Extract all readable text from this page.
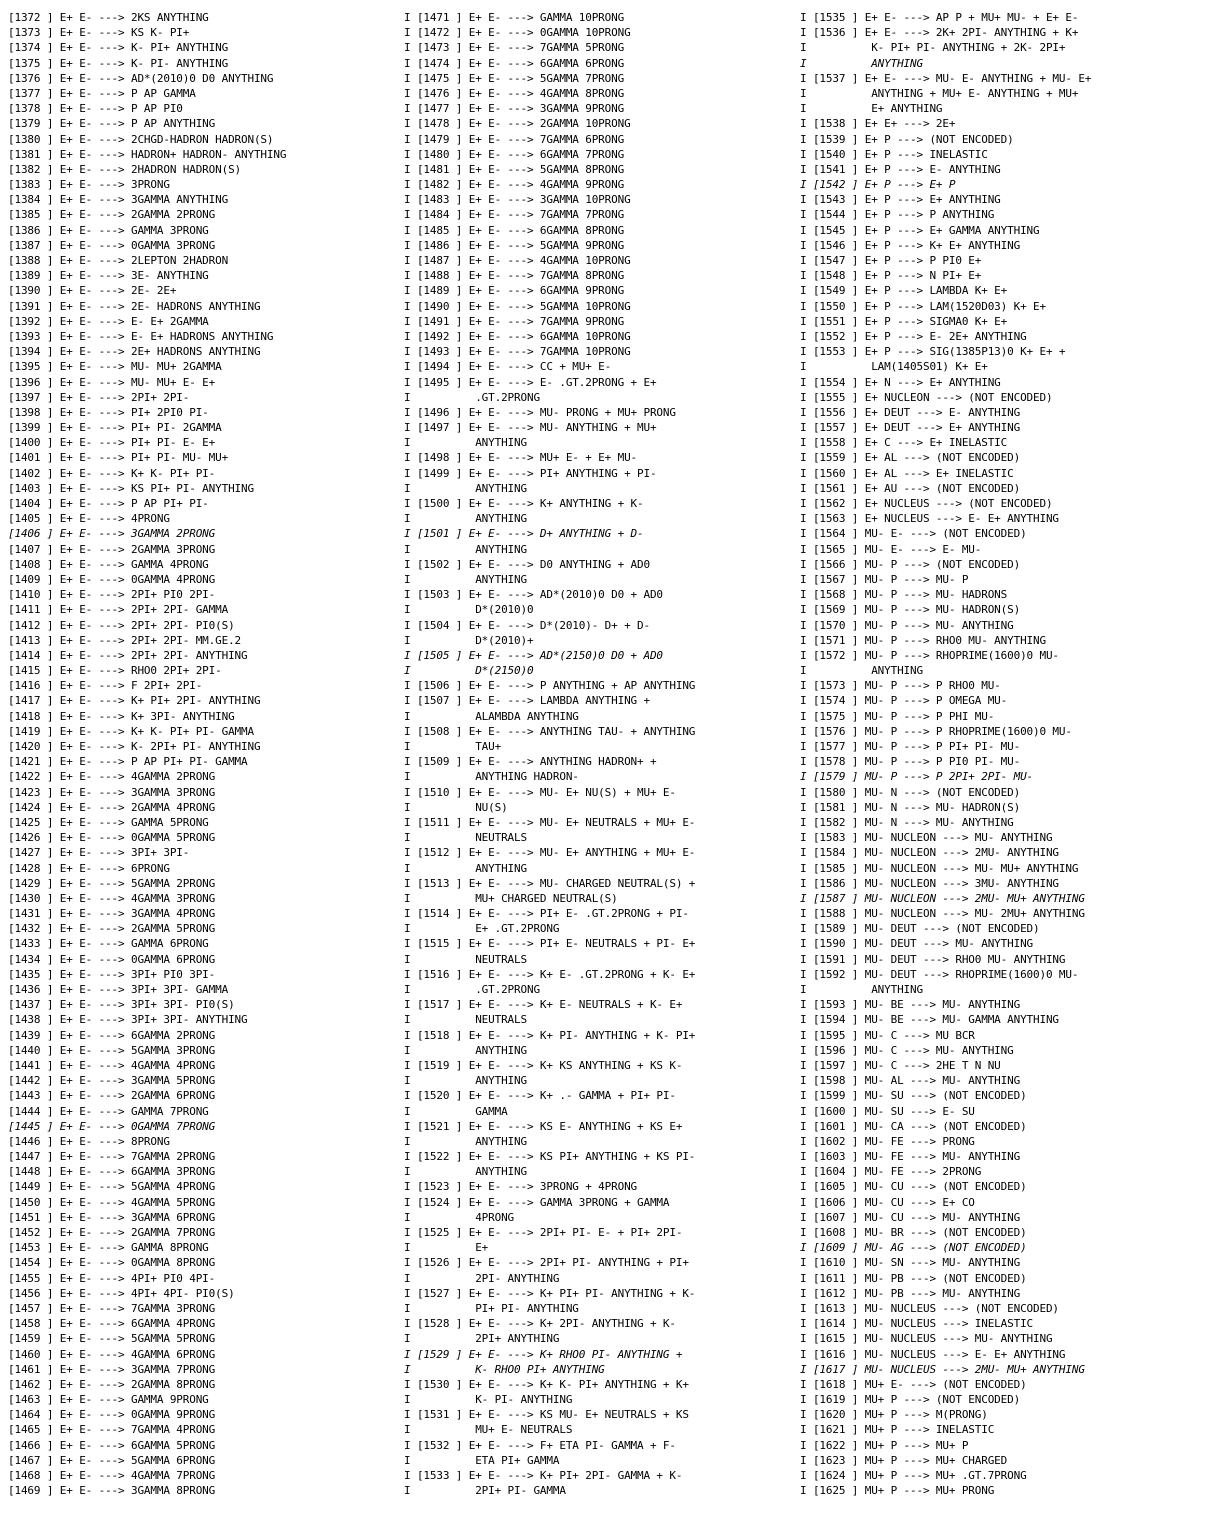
[1372 ] E+ E- ---> 2KS ANYTHING
[1373 ] E+ E- ---> KS K- PI+
[1374 ] E+ E- ---> K- PI+ ANYTHING
[1375 ] E+ E- ---> K- PI- ANYTHING
[1376 ] E+ E- ---> AD*(2010)0 D0 ANYTHING
[1377 ] E+ E- ---> P AP GAMMA
[1378 ] E+ E- ---> P AP PI0
[1379 ] E+ E- ---> P AP ANYTHING
[1380 ] E+ E- ---> 2CHGD-HADRON HADRON(S)
[1381 ] E+ E- ---> HADRON+ HADRON- ANYTHING
[1382 ] E+ E- ---> 2HADRON HADRON(S)
[1383 ] E+ E- ---> 3PRONG
[1384 ] E+ E- ---> 3GAMMA ANYTHING
[1385 ] E+ E- ---> 2GAMMA 2PRONG
[1386 ] E+ E- ---> GAMMA 3PRONG
[1387 ] E+ E- ---> 0GAMMA 3PRONG
[1388 ] E+ E- ---> 2LEPTON 2HADRON
[1389 ] E+ E- ---> 3E- ANYTHING
[1390 ] E+ E- ---> 2E- 2E+
[1391 ] E+ E- ---> 2E- HADRONS ANYTHING
[1392 ] E+ E- ---> E- E+ 2GAMMA
[1393 ] E+ E- ---> E- E+ HADRONS ANYTHING
[1394 ] E+ E- ---> 2E+ HADRONS ANYTHING
[1395 ] E+ E- ---> MU- MU+ 2GAMMA
[1396 ] E+ E- ---> MU- MU+ E- E+
[1397 ] E+ E- ---> 2PI+ 2PI-
[1398 ] E+ E- ---> PI+ 2PI0 PI-
[1399 ] E+ E- ---> PI+ PI- 2GAMMA
[1400 ] E+ E- ---> PI+ PI- E- E+
[1401 ] E+ E- ---> PI+ PI- MU- MU+
[1402 ] E+ E- ---> K+ K- PI+ PI-
[1403 ] E+ E- ---> KS PI+ PI- ANYTHING
[1404 ] E+ E- ---> P AP PI+ PI-
[1405 ] E+ E- ---> 4PRONG
[1406 ] E+ E- ---> 3GAMMA 2PRONG
[1407 ] E+ E- ---> 2GAMMA 3PRONG
[1408 ] E+ E- ---> GAMMA 4PRONG
[1409 ] E+ E- ---> 0GAMMA 4PRONG
[1410 ] E+ E- ---> 2PI+ PI0 2PI-
[1411 ] E+ E- ---> 2PI+ 2PI- GAMMA
[1412 ] E+ E- ---> 2PI+ 2PI- PI0(S)
[1413 ] E+ E- ---> 2PI+ 2PI- MM.GE.2
[1414 ] E+ E- ---> 2PI+ 2PI- ANYTHING
[1415 ] E+ E- ---> RHO0 2PI+ 2PI-
[1416 ] E+ E- ---> F 2PI+ 2PI-
[1417 ] E+ E- ---> K+ PI+ 2PI- ANYTHING
[1418 ] E+ E- ---> K+ 3PI- ANYTHING
[1419 ] E+ E- ---> K+ K- PI+ PI- GAMMA
[1420 ] E+ E- ---> K- 2PI+ PI- ANYTHING
[1421 ] E+ E- ---> P AP PI+ PI- GAMMA
[1422 ] E+ E- ---> 4GAMMA 2PRONG
[1423 ] E+ E- ---> 3GAMMA 3PRONG
[1424 ] E+ E- ---> 2GAMMA 4PRONG
[1425 ] E+ E- ---> GAMMA 5PRONG
[1426 ] E+ E- ---> 0GAMMA 5PRONG
[1427 ] E+ E- ---> 3PI+ 3PI-
[1428 ] E+ E- ---> 6PRONG
[1429 ] E+ E- ---> 5GAMMA 2PRONG
[1430 ] E+ E- ---> 4GAMMA 3PRONG
[1431 ] E+ E- ---> 3GAMMA 4PRONG
[1432 ] E+ E- ---> 2GAMMA 5PRONG
[1433 ] E+ E- ---> GAMMA 6PRONG
[1434 ] E+ E- ---> 0GAMMA 6PRONG
[1435 ] E+ E- ---> 3PI+ PI0 3PI-
[1436 ] E+ E- ---> 3PI+ 3PI- GAMMA
[1437 ] E+ E- ---> 3PI+ 3PI- PI0(S)
[1438 ] E+ E- ---> 3PI+ 3PI- ANYTHING
[1439 ] E+ E- ---> 6GAMMA 2PRONG
[1440 ] E+ E- ---> 5GAMMA 3PRONG
[1441 ] E+ E- ---> 4GAMMA 4PRONG
[1442 ] E+ E- ---> 3GAMMA 5PRONG
[1443 ] E+ E- ---> 2GAMMA 6PRONG
[1444 ] E+ E- ---> GAMMA 7PRONG
[1445 ] E+ E- ---> 0GAMMA 7PRONG
[1446 ] E+ E- ---> 8PRONG
[1447 ] E+ E- ---> 7GAMMA 2PRONG
[1448 ] E+ E- ---> 6GAMMA 3PRONG
[1449 ] E+ E- ---> 5GAMMA 4PRONG
[1450 ] E+ E- ---> 4GAMMA 5PRONG
[1451 ] E+ E- ---> 3GAMMA 6PRONG
[1452 ] E+ E- ---> 2GAMMA 7PRONG
[1453 ] E+ E- ---> GAMMA 8PRONG
[1454 ] E+ E- ---> 0GAMMA 8PRONG
[1455 ] E+ E- ---> 4PI+ PI0 4PI-
[1456 ] E+ E- ---> 4PI+ 4PI- PI0(S)
[1457 ] E+ E- ---> 7GAMMA 3PRONG
[1458 ] E+ E- ---> 6GAMMA 4PRONG
[1459 ] E+ E- ---> 5GAMMA 5PRONG
[1460 ] E+ E- ---> 4GAMMA 6PRONG
[1461 ] E+ E- ---> 3GAMMA 7PRONG
[1462 ] E+ E- ---> 2GAMMA 8PRONG
[1463 ] E+ E- ---> GAMMA 9PRONG
[1464 ] E+ E- ---> 0GAMMA 9PRONG
[1465 ] E+ E- ---> 7GAMMA 4PRONG
[1466 ] E+ E- ---> 6GAMMA 5PRONG
[1467 ] E+ E- ---> 5GAMMA 6PRONG
[1468 ] E+ E- ---> 4GAMMA 7PRONG
[1469 ] E+ E- ---> 3GAMMA 8PRONG
I [1471 ] E+ E- ---> GAMMA 10PRONG
I [1472 ] E+ E- ---> 0GAMMA 10PRONG
I [1473 ] E+ E- ---> 7GAMMA 5PRONG
I [1474 ] E+ E- ---> 6GAMMA 6PRONG
I [1475 ] E+ E- ---> 5GAMMA 7PRONG
I [1476 ] E+ E- ---> 4GAMMA 8PRONG
I [1477 ] E+ E- ---> 3GAMMA 9PRONG
I [1478 ] E+ E- ---> 2GAMMA 10PRONG
I [1479 ] E+ E- ---> 7GAMMA 6PRONG
I [1480 ] E+ E- ---> 6GAMMA 7PRONG
I [1481 ] E+ E- ---> 5GAMMA 8PRONG
I [1482 ] E+ E- ---> 4GAMMA 9PRONG
I [1483 ] E+ E- ---> 3GAMMA 10PRONG
I [1484 ] E+ E- ---> 7GAMMA 7PRONG
I [1485 ] E+ E- ---> 6GAMMA 8PRONG
I [1486 ] E+ E- ---> 5GAMMA 9PRONG
I [1487 ] E+ E- ---> 4GAMMA 10PRONG
I [1488 ] E+ E- ---> 7GAMMA 8PRONG
I [1489 ] E+ E- ---> 6GAMMA 9PRONG
I [1490 ] E+ E- ---> 5GAMMA 10PRONG
I [1491 ] E+ E- ---> 7GAMMA 9PRONG
I [1492 ] E+ E- ---> 6GAMMA 10PRONG
I [1493 ] E+ E- ---> 7GAMMA 10PRONG
I [1494 ] E+ E- ---> CC + MU+ E-
I [1495 ] E+ E- ---> E- .GT.2PRONG + E+
I          .GT.2PRONG
I [1496 ] E+ E- ---> MU- PRONG + MU+ PRONG
I [1497 ] E+ E- ---> MU- ANYTHING + MU+
I          ANYTHING
I [1498 ] E+ E- ---> MU+ E- + E+ MU-
I [1499 ] E+ E- ---> PI+ ANYTHING + PI-
I          ANYTHING
I [1500 ] E+ E- ---> K+ ANYTHING + K-
I          ANYTHING
I [1501 ] E+ E- ---> D+ ANYTHING + D-
I          ANYTHING
I [1502 ] E+ E- ---> D0 ANYTHING + AD0
I          ANYTHING
I [1503 ] E+ E- ---> AD*(2010)0 D0 + AD0
I          D*(2010)0
I [1504 ] E+ E- ---> D*(2010)- D+ + D-
I          D*(2010)+
I [1505 ] E+ E- ---> AD*(2150)0 D0 + AD0
I          D*(2150)0
I [1506 ] E+ E- ---> P ANYTHING + AP ANYTHING
I [1507 ] E+ E- ---> LAMBDA ANYTHING +
I          ALAMBDA ANYTHING
I [1508 ] E+ E- ---> ANYTHING TAU- + ANYTHING
I          TAU+
I [1509 ] E+ E- ---> ANYTHING HADRON+ +
I          ANYTHING HADRON-
I [1510 ] E+ E- ---> MU- E+ NU(S) + MU+ E-
I          NU(S)
I [1511 ] E+ E- ---> MU- E+ NEUTRALS + MU+ E-
I          NEUTRALS
I [1512 ] E+ E- ---> MU- E+ ANYTHING + MU+ E-
I          ANYTHING
I [1513 ] E+ E- ---> MU- CHARGED NEUTRAL(S) +
I          MU+ CHARGED NEUTRAL(S)
I [1514 ] E+ E- ---> PI+ E- .GT.2PRONG + PI-
I          E+ .GT.2PRONG
I [1515 ] E+ E- ---> PI+ E- NEUTRALS + PI- E+
I          NEUTRALS
I [1516 ] E+ E- ---> K+ E- .GT.2PRONG + K- E+
I          .GT.2PRONG
I [1517 ] E+ E- ---> K+ E- NEUTRALS + K- E+
I          NEUTRALS
I [1518 ] E+ E- ---> K+ PI- ANYTHING + K- PI+
I          ANYTHING
I [1519 ] E+ E- ---> K+ KS ANYTHING + KS K-
I          ANYTHING
I [1520 ] E+ E- ---> K+ .- GAMMA + PI+ PI-
I          GAMMA
I [1521 ] E+ E- ---> KS E- ANYTHING + KS E+
I          ANYTHING
I [1522 ] E+ E- ---> KS PI+ ANYTHING + KS PI-
I          ANYTHING
I [1523 ] E+ E- ---> 3PRONG + 4PRONG
I [1524 ] E+ E- ---> GAMMA 3PRONG + GAMMA
I          4PRONG
I [1525 ] E+ E- ---> 2PI+ PI- E- + PI+ 2PI-
I          E+
I [1526 ] E+ E- ---> 2PI+ PI- ANYTHING + PI+
I          2PI- ANYTHING
I [1527 ] E+ E- ---> K+ PI+ PI- ANYTHING + K-
I          PI+ PI- ANYTHING
I [1528 ] E+ E- ---> K+ 2PI- ANYTHING + K-
I          2PI+ ANYTHING
I [1529 ] E+ E- ---> K+ RHO0 PI- ANYTHING +
I          K- RHO0 PI+ ANYTHING
I [1530 ] E+ E- ---> K+ K- PI+ ANYTHING + K+
I          K- PI- ANYTHING
I [1531 ] E+ E- ---> KS MU- E+ NEUTRALS + KS
I          MU+ E- NEUTRALS
I [1532 ] E+ E- ---> F+ ETA PI- GAMMA + F-
I          ETA PI+ GAMMA
I [1533 ] E+ E- ---> K+ PI+ 2PI- GAMMA + K-
I          2PI+ PI- GAMMA
I [1535 ] E+ E- ---> AP P + MU+ MU- + E+ E-
I [1536 ] E+ E- ---> 2K+ 2PI- ANYTHING + K+
I          K- PI+ PI- ANYTHING + 2K- 2PI+
I          ANYTHING
I [1537 ] E+ E- ---> MU- E- ANYTHING + MU- E+
I          ANYTHING + MU+ E- ANYTHING + MU+
I          E+ ANYTHING
I [1538 ] E+ E+ ---> 2E+
I [1539 ] E+ P ---> (NOT ENCODED)
I [1540 ] E+ P ---> INELASTIC
I [1541 ] E+ P ---> E- ANYTHING
I [1542 ] E+ P ---> E+ P
I [1543 ] E+ P ---> E+ ANYTHING
I [1544 ] E+ P ---> P ANYTHING
I [1545 ] E+ P ---> E+ GAMMA ANYTHING
I [1546 ] E+ P ---> K+ E+ ANYTHING
I [1547 ] E+ P ---> P PI0 E+
I [1548 ] E+ P ---> N PI+ E+
I [1549 ] E+ P ---> LAMBDA K+ E+
I [1550 ] E+ P ---> LAM(1520D03) K+ E+
I [1551 ] E+ P ---> SIGMA0 K+ E+
I [1552 ] E+ P ---> E- 2E+ ANYTHING
I [1553 ] E+ P ---> SIG(1385P13)0 K+ E+ +
I          LAM(1405S01) K+ E+
I [1554 ] E+ N ---> E+ ANYTHING
I [1555 ] E+ NUCLEON ---> (NOT ENCODED)
I [1556 ] E+ DEUT ---> E- ANYTHING
I [1557 ] E+ DEUT ---> E+ ANYTHING
I [1558 ] E+ C ---> E+ INELASTIC
I [1559 ] E+ AL ---> (NOT ENCODED)
I [1560 ] E+ AL ---> E+ INELASTIC
I [1561 ] E+ AU ---> (NOT ENCODED)
I [1562 ] E+ NUCLEUS ---> (NOT ENCODED)
I [1563 ] E+ NUCLEUS ---> E- E+ ANYTHING
I [1564 ] MU- E- ---> (NOT ENCODED)
I [1565 ] MU- E- ---> E- MU-
I [1566 ] MU- P ---> (NOT ENCODED)
I [1567 ] MU- P ---> MU- P
I [1568 ] MU- P ---> MU- HADRONS
I [1569 ] MU- P ---> MU- HADRON(S)
I [1570 ] MU- P ---> MU- ANYTHING
I [1571 ] MU- P ---> RHO0 MU- ANYTHING
I [1572 ] MU- P ---> RHOPRIME(1600)0 MU-
I          ANYTHING
I [1573 ] MU- P ---> P RHO0 MU-
I [1574 ] MU- P ---> P OMEGA MU-
I [1575 ] MU- P ---> P PHI MU-
I [1576 ] MU- P ---> P RHOPRIME(1600)0 MU-
I [1577 ] MU- P ---> P PI+ PI- MU-
I [1578 ] MU- P ---> P PI0 PI- MU-
I [1579 ] MU- P ---> P 2PI+ 2PI- MU-
I [1580 ] MU- N ---> (NOT ENCODED)
I [1581 ] MU- N ---> MU- HADRON(S)
I [1582 ] MU- N ---> MU- ANYTHING
I [1583 ] MU- NUCLEON ---> MU- ANYTHING
I [1584 ] MU- NUCLEON ---> 2MU- ANYTHING
I [1585 ] MU- NUCLEON ---> MU- MU+ ANYTHING
I [1586 ] MU- NUCLEON ---> 3MU- ANYTHING
I [1587 ] MU- NUCLEON ---> 2MU- MU+ ANYTHING
I [1588 ] MU- NUCLEON ---> MU- 2MU+ ANYTHING
I [1589 ] MU- DEUT ---> (NOT ENCODED)
I [1590 ] MU- DEUT ---> MU- ANYTHING
I [1591 ] MU- DEUT ---> RHO0 MU- ANYTHING
I [1592 ] MU- DEUT ---> RHOPRIME(1600)0 MU-
I          ANYTHING
I [1593 ] MU- BE ---> MU- ANYTHING
I [1594 ] MU- BE ---> MU- GAMMA ANYTHING
I [1595 ] MU- C ---> MU BCR
I [1596 ] MU- C ---> MU- ANYTHING
I [1597 ] MU- C ---> 2HE T N NU
I [1598 ] MU- AL ---> MU- ANYTHING
I [1599 ] MU- SU ---> (NOT ENCODED)
I [1600 ] MU- SU ---> E- SU
I [1601 ] MU- CA ---> (NOT ENCODED)
I [1602 ] MU- FE ---> PRONG
I [1603 ] MU- FE ---> MU- ANYTHING
I [1604 ] MU- FE ---> 2PRONG
I [1605 ] MU- CU ---> (NOT ENCODED)
I [1606 ] MU- CU ---> E+ CO
I [1607 ] MU- CU ---> MU- ANYTHING
I [1608 ] MU- BR ---> (NOT ENCODED)
I [1609 ] MU- AG ---> (NOT ENCODED)
I [1610 ] MU- SN ---> MU- ANYTHING
I [1611 ] MU- PB ---> (NOT ENCODED)
I [1612 ] MU- PB ---> MU- ANYTHING
I [1613 ] MU- NUCLEUS ---> (NOT ENCODED)
I [1614 ] MU- NUCLEUS ---> INELASTIC
I [1615 ] MU- NUCLEUS ---> MU- ANYTHING
I [1616 ] MU- NUCLEUS ---> E- E+ ANYTHING
I [1617 ] MU- NUCLEUS ---> 2MU- MU+ ANYTHING
I [1618 ] MU+ E- ---> (NOT ENCODED)
I [1619 ] MU+ P ---> (NOT ENCODED)
I [1620 ] MU+ P ---> M(PRONG)
I [1621 ] MU+ P ---> INELASTIC
I [1622 ] MU+ P ---> MU+ P
I [1623 ] MU+ P ---> MU+ CHARGED
I [1624 ] MU+ P ---> MU+ .GT.7PRONG
I [1625 ] MU+ P ---> MU+ PRONG
